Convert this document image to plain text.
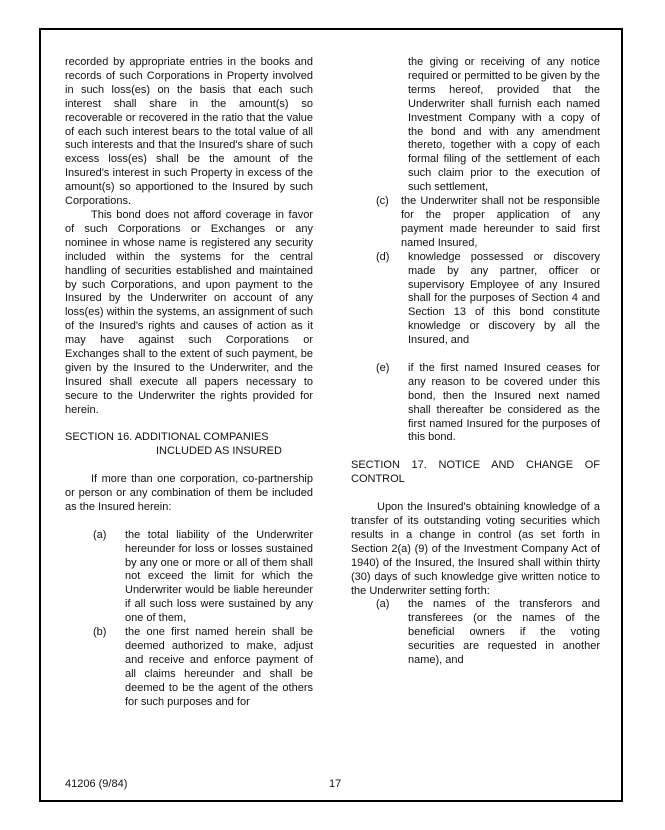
recorded by appropriate entries in the books and records of such Corporations in Property involved in such loss(es) on the basis that each such interest shall share in the amount(s) so recoverable or recovered in the ratio that the value of each such interest bears to the total value of all such interests and that the Insured's share of such excess loss(es) shall be the amount of the Insured's interest in such Property in excess of the amount(s) so apportioned to the Insured by such Corporations.

This bond does not afford coverage in favor of such Corporations or Exchanges or any nominee in whose name is registered any security included within the systems for the central handling of securities established and maintained by such Corporations, and upon payment to the Insured by the Underwriter on account of any loss(es) within the systems, an assignment of such of the Insured's rights and causes of action as it may have against such Corporations or Exchanges shall to the extent of such payment, be given by the Insured to the Underwriter, and the Insured shall execute all papers necessary to secure to the Underwriter the rights provided for herein.

SECTION 16. ADDITIONAL COMPANIES

INCLUDED AS INSURED

If more than one corporation, co-partnership or person or any combination of them be included as the Insured herein:

(a)	the total liability of the Underwriter hereunder for loss or losses sustained by any one or more or all of them shall not exceed the limit for which the Underwriter would be liable hereunder if all such loss were sustained by any one of them,
(b)	the one first named herein shall be deemed authorized to make, adjust and receive and enforce payment of all claims hereunder and shall be deemed to be the agent of the others for such purposes and for

the giving or receiving of any notice required or permitted to be given by the terms hereof, provided that the Underwriter shall furnish each named Investment Company with a copy of the bond and with any amendment thereto, together with a copy of each formal filing of the settlement of each such claim prior to the execution of such settlement,

(c)	the Underwriter shall not be responsible for the proper application of any payment made hereunder to said first named Insured,
(d)	knowledge possessed or discovery made by any partner, officer or supervisory Employee of any Insured shall for the purposes of Section 4 and Section 13 of this bond constitute knowledge or discovery by all the Insured, and
(e)	if the first named Insured ceases for any reason to be covered under this bond, then the Insured next named shall thereafter be considered as the first named Insured for the purposes of this bond.

SECTION 17. NOTICE AND CHANGE OF CONTROL

Upon the Insured's obtaining knowledge of a transfer of its outstanding voting securities which results in a change in control (as set forth in Section 2(a) (9) of the Investment Company Act of 1940) of the Insured, the Insured shall within thirty (30) days of such knowledge give written notice to the Underwriter setting forth:

(a)	the names of the transferors and transferees (or the names of the beneficial owners if the voting securities are requested in another name), and
41206 (9/84)	17
